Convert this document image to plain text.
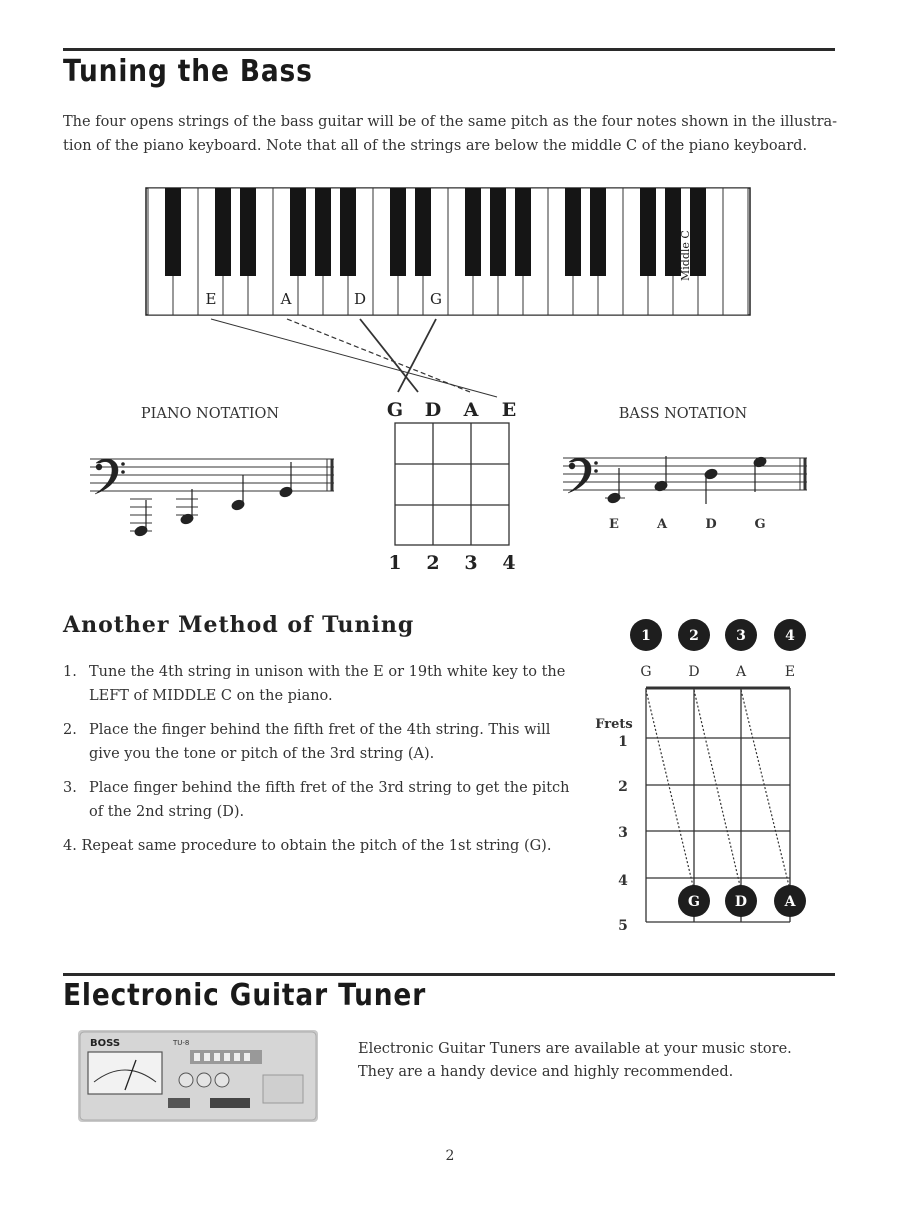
Tuning the Bass

The four opens strings of the bass guitar will be of the same pitch as the four notes shown in the illustra-
tion of the piano keyboard. Note that all of the strings are below the middle C of the piano keyboard.

E	A	D	G
Middle C
G D A E
1 2 3 4
PIANO NOTATION	BASS NOTATION
E	A	D	G
Another Method of Tuning
1. Tune the 4th string in unison with the E or 19th white key to the LEFT of MIDDLE C on the piano.
2. Place the finger behind the fifth fret of the 4th string. This will give you the tone or pitch of the 3rd string (A).
3. Place finger behind the fifth fret of the 3rd string to get the pitch of the 2nd string (D).
4. Repeat same procedure to obtain the pitch of the 1st string (G).
1	2	3	4
G	D	A	E
Frets
1
2
3
4
5
G D	A
Electronic Guitar Tuner
BOSS	TU-8	Electronic Guitar Tuners are available at your music store.
They are a handy device and highly recommended.

2
